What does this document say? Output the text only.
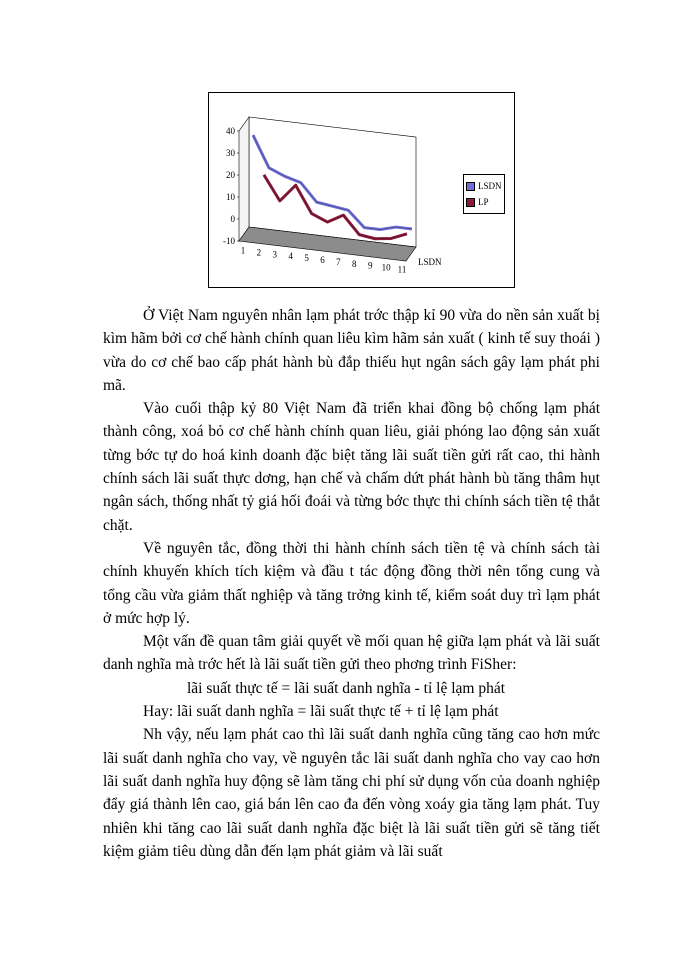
40
30
20
10
0
-10
1 2 3 4 5 6 7 8 9 10 11
LSDN
LSDN
LP

Ở Việt Nam nguyên nhân lạm phát trớc thập kỉ 90 vừa do nền sản xuất bị kìm hãm bởi cơ chế hành chính quan liêu kìm hãm sản xuất ( kinh tế suy thoái ) vừa do cơ chế bao cấp phát hành bù đắp thiếu hụt ngân sách gây lạm phát phi mã.

Vào cuối thập kỷ 80 Việt Nam đã triển khai đồng bộ chống lạm phát thành công, xoá bỏ cơ chế hành chính quan liêu, giải phóng lao động sản xuất từng bớc tự do hoá kinh doanh đặc biệt tăng lãi suất tiền gửi rất cao, thi hành chính sách lãi suất thực dơng, hạn chế và chấm dứt phát hành bù tăng thâm hụt ngân sách, thống nhất tỷ giá hối đoái và từng bớc thực thi chính sách tiền tệ thắt chặt.

Về nguyên tắc, đồng thời thi hành chính sách tiền tệ và chính sách tài chính khuyến khích tích kiệm và đầu t tác động đồng thời nên tổng cung và tổng cầu vừa giảm thất nghiệp và tăng trởng kinh tế, kiểm soát duy trì lạm phát ở mức hợp lý.

Một vấn đề quan tâm giải quyết về mối quan hệ giữa lạm phát và lãi suất danh nghĩa mà trớc hết là lãi suất tiền gửi theo phơng trình FiSher:

lãi suất thực tế = lãi suất danh nghĩa - tỉ lệ lạm phát

Hay: lãi suất danh nghĩa = lãi suất thực tế + tỉ lệ lạm phát

Nh vậy, nếu lạm phát cao thì lãi suất danh nghĩa cũng tăng cao hơn mức lãi suất danh nghĩa cho vay, về nguyên tắc lãi suất danh nghĩa cho vay cao hơn lãi suất danh nghĩa huy động sẽ làm tăng chi phí sử dụng vốn của doanh nghiệp đẩy giá thành lên cao, giá bán lên cao đa đến vòng xoáy gia tăng lạm phát. Tuy nhiên khi tăng cao lãi suất danh nghĩa đặc biệt là lãi suất tiền gửi sẽ tăng tiết kiệm giảm tiêu dùng dẫn đến lạm phát giảm và lãi suất
